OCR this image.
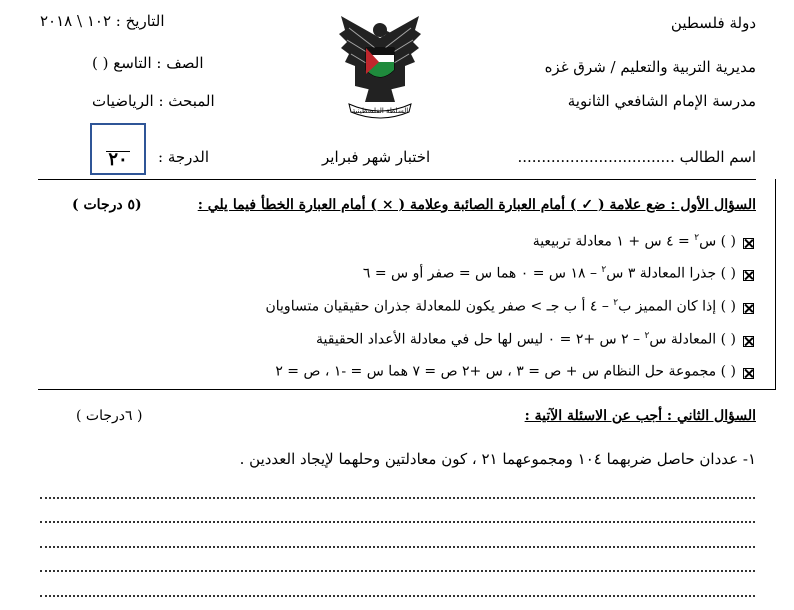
دولة فلسطين
مديرية التربية والتعليم / شرق غزه
مدرسة الإمام الشافعي الثانوية
اسم الطالب .................................
التاريخ : ١٠٢ \ ٢٠١٨
الصف : التاسع ( )
المبحث : الرياضيات
الدرجة :
٢٠	اختبار شهر فبراير
السلطة الفلسطينية
السؤال الأول : ضع علامة ( ✓ ) أمام العبارة الصائبة وعلامة ( × ) أمام العبارة الخطأ فيما يلي :
(٥ درجات )
( ) س$^٢$ = ٤ س + ١ معادلة تربيعية
( ) جذرا المعادلة ٣ س$^٢$ – ١٨ س = ٠ هما س = صفر أو س = ٦
( ) إذا كان المميز ب$^٢$ – ٤ أ ب جـ > صفر يكون للمعادلة جذران حقيقيان متساويان
( ) المعادلة س$^٢$ – ٢ س +٢ = ٠ ليس لها حل في معادلة الأعداد الحقيقية
( ) مجموعة حل النظام س + ص = ٣ ، س +٢ ص = ٧ هما س = -١ ، ص = ٢
السؤال الثاني : أجب عن الاسئلة الآتية :
( ٦درجات )
١- عددان حاصل ضربهما ١٠٤ ومجموعهما ٢١ ، كون معادلتين وحلهما لإيجاد العددين .
